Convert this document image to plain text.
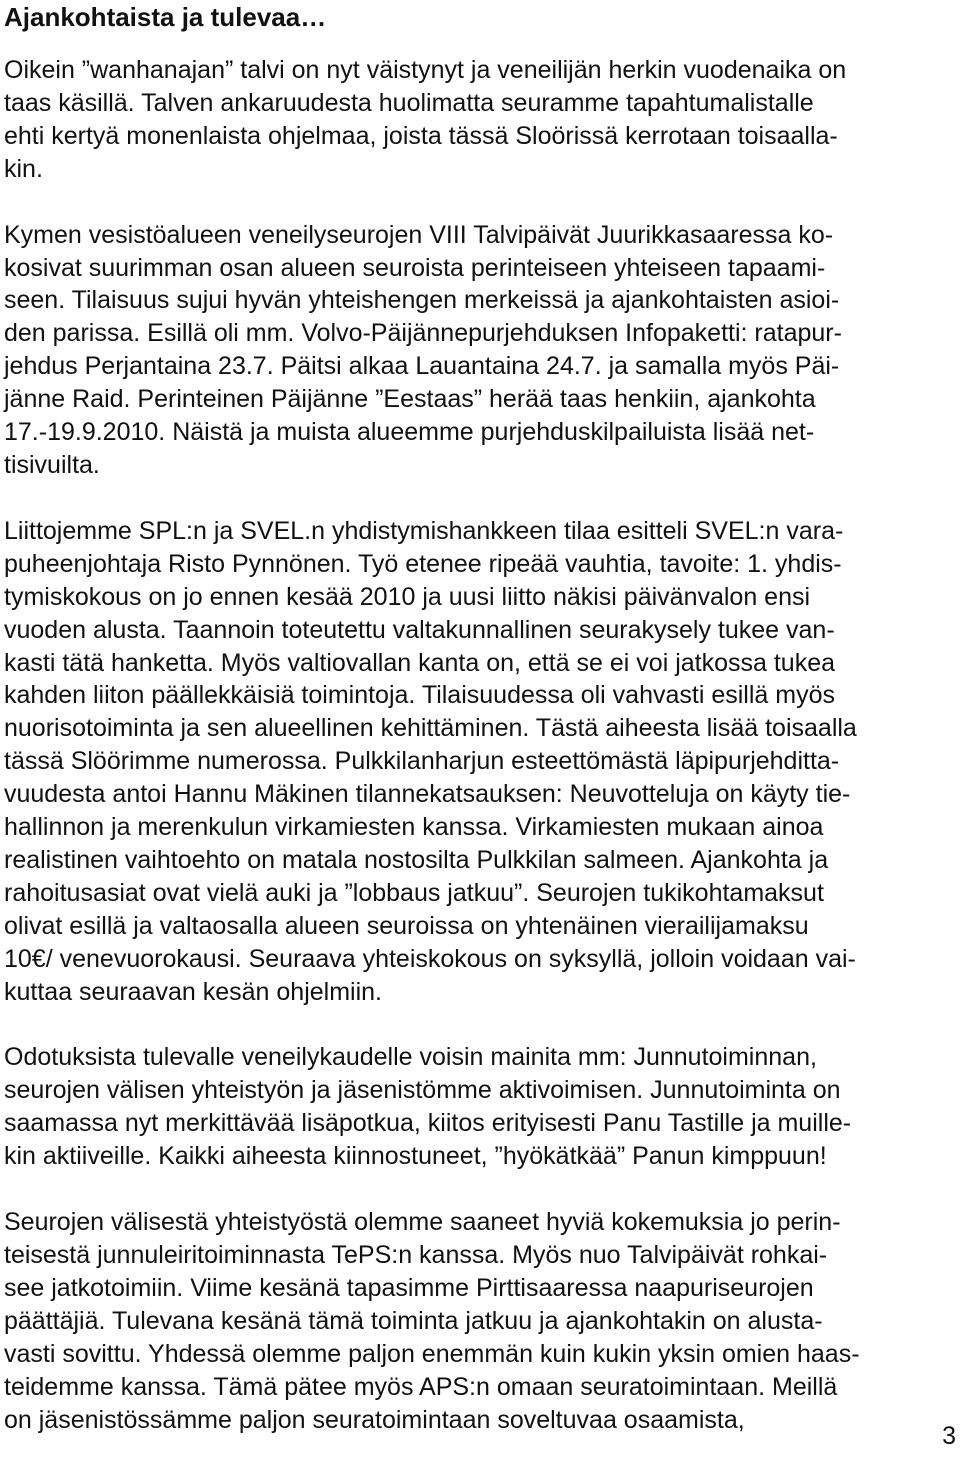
Ajankohtaista ja tulevaa…

Oikein ”wanhanajan” talvi on nyt väistynyt ja veneilijän herkin vuodenaika on
taas käsillä. Talven ankaruudesta huolimatta seuramme tapahtumalistalle
ehti kertyä monenlaista ohjelmaa, joista tässä Sloörissä kerrotaan toisaalla-
kin.

Kymen vesistöalueen veneilyseurojen VIII Talvipäivät Juurikkasaaressa ko-
kosivat suurimman osan alueen seuroista perinteiseen yhteiseen tapaami-
seen. Tilaisuus sujui hyvän yhteishengen merkeissä ja ajankohtaisten asioi-
den parissa. Esillä oli mm. Volvo-Päijännepurjehduksen Infopaketti: ratapur-
jehdus Perjantaina 23.7. Päitsi alkaa Lauantaina 24.7. ja samalla myös Päi-
jänne Raid. Perinteinen Päijänne ”Eestaas” herää taas henkiin, ajankohta
17.-19.9.2010. Näistä ja muista alueemme purjehduskilpailuista lisää net-
tisivuilta.

Liittojemme SPL:n ja SVEL.n yhdistymishankkeen tilaa esitteli SVEL:n vara-
puheenjohtaja Risto Pynnönen. Työ etenee ripeää vauhtia, tavoite: 1. yhdis-
tymiskokous on jo ennen kesää 2010 ja uusi liitto näkisi päivänvalon ensi
vuoden alusta. Taannoin toteutettu valtakunnallinen seurakysely tukee van-
kasti tätä hanketta. Myös valtiovallan kanta on, että se ei voi jatkossa tukea
kahden liiton päällekkäisiä toimintoja. Tilaisuudessa oli vahvasti esillä myös
nuorisotoiminta ja sen alueellinen kehittäminen. Tästä aiheesta lisää toisaalla
tässä Slöörimme numerossa. Pulkkilanharjun esteettömästä läpipurjehditta-
vuudesta antoi Hannu Mäkinen tilannekatsauksen: Neuvotteluja on käyty tie-
hallinnon ja merenkulun virkamiesten kanssa. Virkamiesten mukaan ainoa
realistinen vaihtoehto on matala nostosilta Pulkkilan salmeen. Ajankohta ja
rahoitusasiat ovat vielä auki ja ”lobbaus jatkuu”. Seurojen tukikohtamaksut
olivat esillä ja valtaosalla alueen seuroissa on yhtenäinen vierailijamaksu
10€/ venevuorokausi. Seuraava yhteiskokous on syksyllä, jolloin voidaan vai-
kuttaa seuraavan kesän ohjelmiin.

Odotuksista tulevalle veneilykaudelle voisin mainita mm: Junnutoiminnan,
seurojen välisen yhteistyön ja jäsenistömme aktivoimisen. Junnutoiminta on
saamassa nyt merkittävää lisäpotkua, kiitos erityisesti Panu Tastille ja muille-
kin aktiiveille. Kaikki aiheesta kiinnostuneet, ”hyökätkää” Panun kimppuun!

Seurojen välisestä yhteistyöstä olemme saaneet hyviä kokemuksia jo perin-
teisestä junnuleiritoiminnasta TePS:n kanssa. Myös nuo Talvipäivät rohkai-
see jatkotoimiin. Viime kesänä tapasimme Pirttisaaressa naapuriseurojen
päättäjiä. Tulevana kesänä tämä toiminta jatkuu ja ajankohtakin on alusta-
vasti sovittu. Yhdessä olemme paljon enemmän kuin kukin yksin omien haas-
teidemme kanssa. Tämä pätee myös APS:n omaan seuratoimintaan. Meillä
on jäsenistössämme paljon seuratoimintaan soveltuvaa osaamista,

3
